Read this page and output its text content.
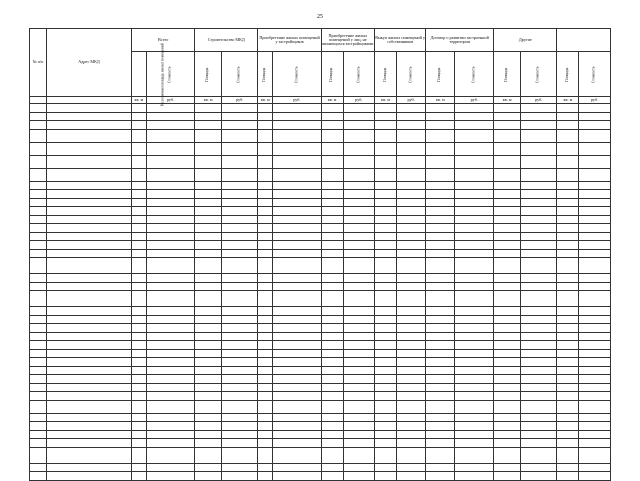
25
№ п/п	Адрес МКД	Всего		Строительство МКД		Приобретение жилых помещений у застройщиков		Приобретение жилых помещений у лиц, не являющихся застройщиками		Выкуп жилых помещений у собственников		Договор о развитии застроенной территории		Другие			
		Расселяемая площадь жилых помещений	Стоимость	Площадь	Стоимость	Площадь	Стоимость	Площадь	Стоимость	Площадь	Стоимость	Площадь	Стоимость	Площадь	Стоимость	Площадь	Стоимость
		кв. м	руб.	кв. м	руб.	кв. м	руб.	кв. м	руб.	кв. м	руб.	кв. м	руб.	кв. м	руб.	кв. м	руб.
